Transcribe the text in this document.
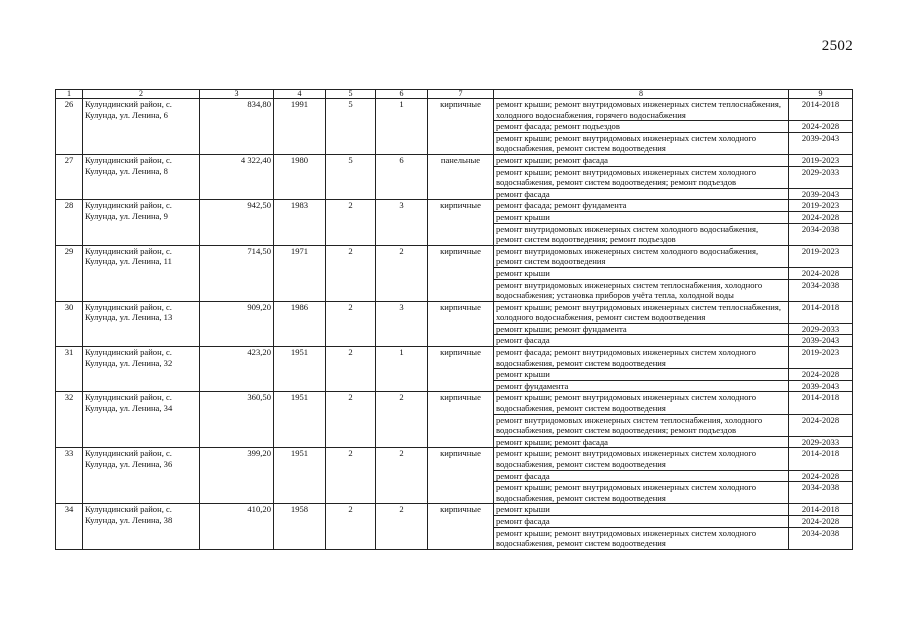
2502
1	2	3	4	5	6	7	8	9
26	Кулундинский район, с. Кулунда, ул. Ленина, 6	834,80	1991	5	1	кирпичные	ремонт крыши; ремонт внутридомовых инженерных систем теплоснабжения, холодного водоснабжения, горячего водоснабжения	2014-2018
							ремонт фасада; ремонт подъездов	2024-2028
							ремонт крыши; ремонт внутридомовых инженерных систем холодного водоснабжения, ремонт систем водоотведения	2039-2043
27	Кулундинский район, с. Кулунда, ул. Ленина, 8	4 322,40	1980	5	6	панельные	ремонт крыши; ремонт фасада	2019-2023
							ремонт крыши; ремонт внутридомовых инженерных систем холодного водоснабжения, ремонт систем водоотведения; ремонт подъездов	2029-2033
							ремонт фасада	2039-2043
28	Кулундинский район, с. Кулунда, ул. Ленина, 9	942,50	1983	2	3	кирпичные	ремонт фасада; ремонт фундамента	2019-2023
							ремонт крыши	2024-2028
							ремонт внутридомовых инженерных систем холодного водоснабжения, ремонт систем водоотведения; ремонт подъездов	2034-2038
29	Кулундинский район, с. Кулунда, ул. Ленина, 11	714,50	1971	2	2	кирпичные	ремонт внутридомовых инженерных систем холодного водоснабжения, ремонт систем водоотведения	2019-2023
							ремонт крыши	2024-2028
							ремонт внутридомовых инженерных систем теплоснабжения, холодного водоснабжения; установка приборов учёта тепла, холодной воды	2034-2038
30	Кулундинский район, с. Кулунда, ул. Ленина, 13	909,20	1986	2	3	кирпичные	ремонт крыши; ремонт внутридомовых инженерных систем теплоснабжения, холодного водоснабжения, ремонт систем водоотведения	2014-2018
							ремонт крыши; ремонт фундамента	2029-2033
							ремонт фасада	2039-2043
31	Кулундинский район, с. Кулунда, ул. Ленина, 32	423,20	1951	2	1	кирпичные	ремонт фасада; ремонт внутридомовых инженерных систем холодного водоснабжения, ремонт систем водоотведения	2019-2023
							ремонт крыши	2024-2028
							ремонт фундамента	2039-2043
32	Кулундинский район, с. Кулунда, ул. Ленина, 34	360,50	1951	2	2	кирпичные	ремонт крыши; ремонт внутридомовых инженерных систем холодного водоснабжения, ремонт систем водоотведения	2014-2018
							ремонт внутридомовых инженерных систем теплоснабжения, холодного водоснабжения, ремонт систем водоотведения; ремонт подъездов	2024-2028
							ремонт крыши; ремонт фасада	2029-2033
33	Кулундинский район, с. Кулунда, ул. Ленина, 36	399,20	1951	2	2	кирпичные	ремонт крыши; ремонт внутридомовых инженерных систем холодного водоснабжения, ремонт систем водоотведения	2014-2018
							ремонт фасада	2024-2028
							ремонт крыши; ремонт внутридомовых инженерных систем холодного водоснабжения, ремонт систем водоотведения	2034-2038
34	Кулундинский район, с. Кулунда, ул. Ленина, 38	410,20	1958	2	2	кирпичные	ремонт крыши	2014-2018
							ремонт фасада	2024-2028
							ремонт крыши; ремонт внутридомовых инженерных систем холодного водоснабжения, ремонт систем водоотведения	2034-2038
